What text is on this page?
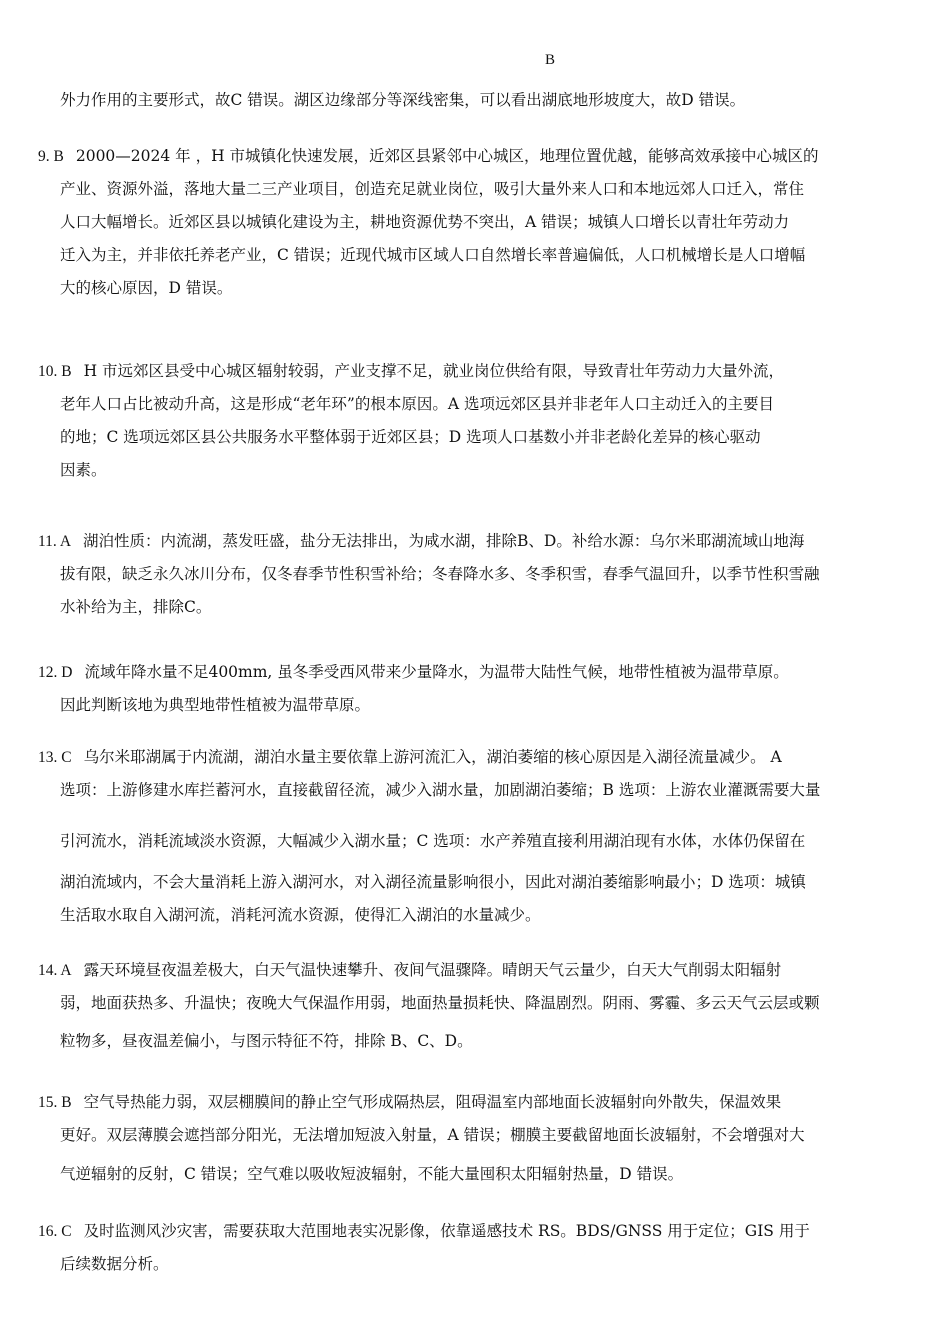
B

外力作用的主要形式，故C 错误。湖区边缘部分等深线密集，可以看出湖底地形坡度大，故D 错误。

9. B 2000—2024 年 ，H 市城镇化快速发展，近郊区县紧邻中心城区，地理位置优越，能够高效承接中心城区的
产业、资源外溢，落地大量二三产业项目，创造充足就业岗位，吸引大量外来人口和本地远郊人口迁入，常住
人口大幅增长。近郊区县以城镇化建设为主，耕地资源优势不突出，A 错误；城镇人口增长以青壮年劳动力
迁入为主，并非依托养老产业，C 错误；近现代城市区域人口自然增长率普遍偏低，人口机械增长是人口增幅
大的核心原因，D 错误。
10. B H 市远郊区县受中心城区辐射较弱，产业支撑不足，就业岗位供给有限，导致青壮年劳动力大量外流，
老年人口占比被动升高，这是形成“老年环”的根本原因。A 选项远郊区县并非老年人口主动迁入的主要目
的地；C 选项远郊区县公共服务水平整体弱于近郊区县；D 选项人口基数小并非老龄化差异的核心驱动
因素。
11. A 湖泊性质：内流湖，蒸发旺盛，盐分无法排出，为咸水湖，排除B、D。补给水源：乌尔米耶湖流域山地海
拔有限，缺乏永久冰川分布，仅冬春季节性积雪补给；冬春降水多、冬季积雪，春季气温回升，以季节性积雪融
水补给为主，排除C。
12. D 流域年降水量不足400mm, 虽冬季受西风带来少量降水，为温带大陆性气候，地带性植被为温带草原。
因此判断该地为典型地带性植被为温带草原。
13. C 乌尔米耶湖属于内流湖，湖泊水量主要依靠上游河流汇入，湖泊萎缩的核心原因是入湖径流量减少。 A
选项：上游修建水库拦蓄河水，直接截留径流，减少入湖水量，加剧湖泊萎缩；B 选项：上游农业灌溉需要大量
引河流水，消耗流域淡水资源，大幅减少入湖水量；C 选项：水产养殖直接利用湖泊现有水体，水体仍保留在
湖泊流域内，不会大量消耗上游入湖河水，对入湖径流量影响很小，因此对湖泊萎缩影响最小；D 选项：城镇
生活取水取自入湖河流，消耗河流水资源，使得汇入湖泊的水量减少。
14. A 露天环境昼夜温差极大，白天气温快速攀升、夜间气温骤降。晴朗天气云量少，白天大气削弱太阳辐射
弱，地面获热多、升温快；夜晚大气保温作用弱，地面热量损耗快、降温剧烈。阴雨、雾霾、多云天气云层或颗
粒物多，昼夜温差偏小，与图示特征不符，排除 B、C、D。
15. B 空气导热能力弱，双层棚膜间的静止空气形成隔热层，阻碍温室内部地面长波辐射向外散失，保温效果
更好。双层薄膜会遮挡部分阳光，无法增加短波入射量，A 错误；棚膜主要截留地面长波辐射，不会增强对大
气逆辐射的反射，C 错误；空气难以吸收短波辐射，不能大量囤积太阳辐射热量，D 错误。
16. C 及时监测风沙灾害，需要获取大范围地表实况影像，依靠遥感技术 RS。BDS/GNSS 用于定位；GIS 用于
后续数据分析。
